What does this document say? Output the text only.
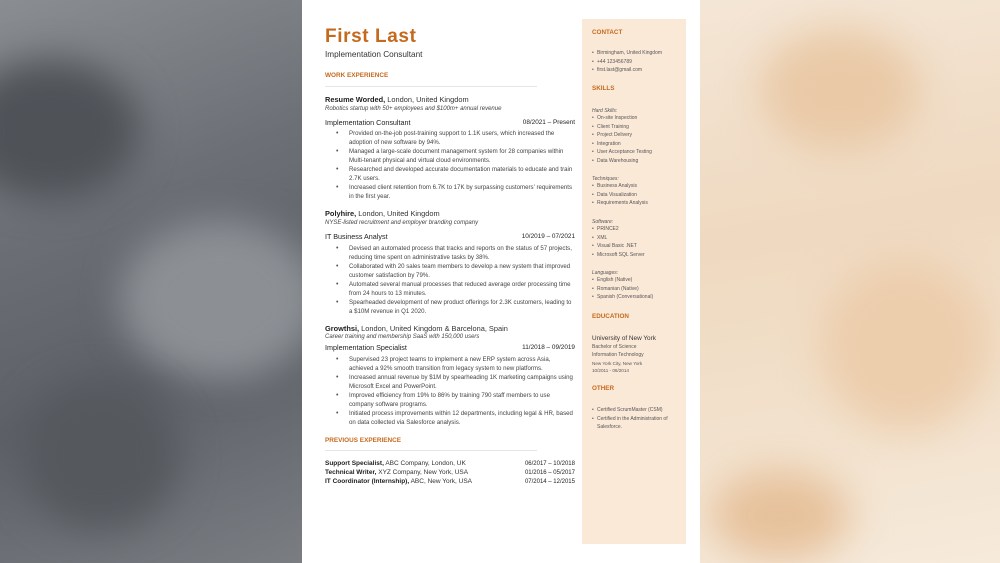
First Last
Implementation Consultant
WORK EXPERIENCE
Resume Worded, London, United Kingdom
Robotics startup with 50+ employees and $100m+ annual revenue
Implementation Consultant	08/2021 – Present
• Provided on-the-job post-training support to 1.1K users, which increased the adoption of new software by 94%.
• Managed a large-scale document management system for 28 companies within Multi-tenant physical and virtual cloud environments.
• Researched and developed accurate documentation materials to educate and train 2.7K users.
• Increased client retention from 6.7K to 17K by surpassing customers' requirements in the first year.
Polyhire, London, United Kingdom
NYSE-listed recruitment and employer branding company
IT Business Analyst	10/2019 – 07/2021
• Devised an automated process that tracks and reports on the status of 57 projects, reducing time spent on administrative tasks by 38%.
• Collaborated with 20 sales team members to develop a new system that improved customer satisfaction by 79%.
• Automated several manual processes that reduced average order processing time from 24 hours to 13 minutes.
• Spearheaded development of new product offerings for 2.3K customers, leading to a $10M revenue in Q1 2020.
Growthsi, London, United Kingdom & Barcelona, Spain
Career training and membership SaaS with 150,000 users
Implementation Specialist	11/2018 – 09/2019
• Supervised 23 project teams to implement a new ERP system across Asia, achieved a 92% smooth transition from legacy system to new platforms.
• Increased annual revenue by $1M by spearheading 1K marketing campaigns using Microsoft Excel and PowerPoint.
• Improved efficiency from 19% to 86% by training 790 staff members to use company software programs.
• Initiated process improvements within 12 departments, including legal & HR, based on data collected via Salesforce analysis.
PREVIOUS EXPERIENCE
Support Specialist, ABC Company, London, UK	06/2017 – 10/2018
Technical Writer, XYZ Company, New York, USA	01/2016 – 05/2017
IT Coordinator (Internship), ABC, New York, USA	07/2014 – 12/2015
CONTACT
• Birmingham, United Kingdom
• +44 123456789
• first.last@gmail.com
SKILLS
Hard Skills:
• On-site Inspection
• Client Training
• Project Delivery
• Integration
• User Acceptance Testing
• Data Warehousing
Techniques:
• Business Analysis
• Data Visualization
• Requirements Analysis
Software:
• PRINCE2
• XML
• Visual Basic .NET
• Microsoft SQL Server
Languages:
• English (Native)
• Romanian (Native)
• Spanish (Conversational)
EDUCATION
University of New York
Bachelor of Science
Information Technology
New York City, New York
10/2011 - 06/2014
OTHER
• Certified ScrumMaster (CSM)
• Certified in the Administration of Salesforce.
